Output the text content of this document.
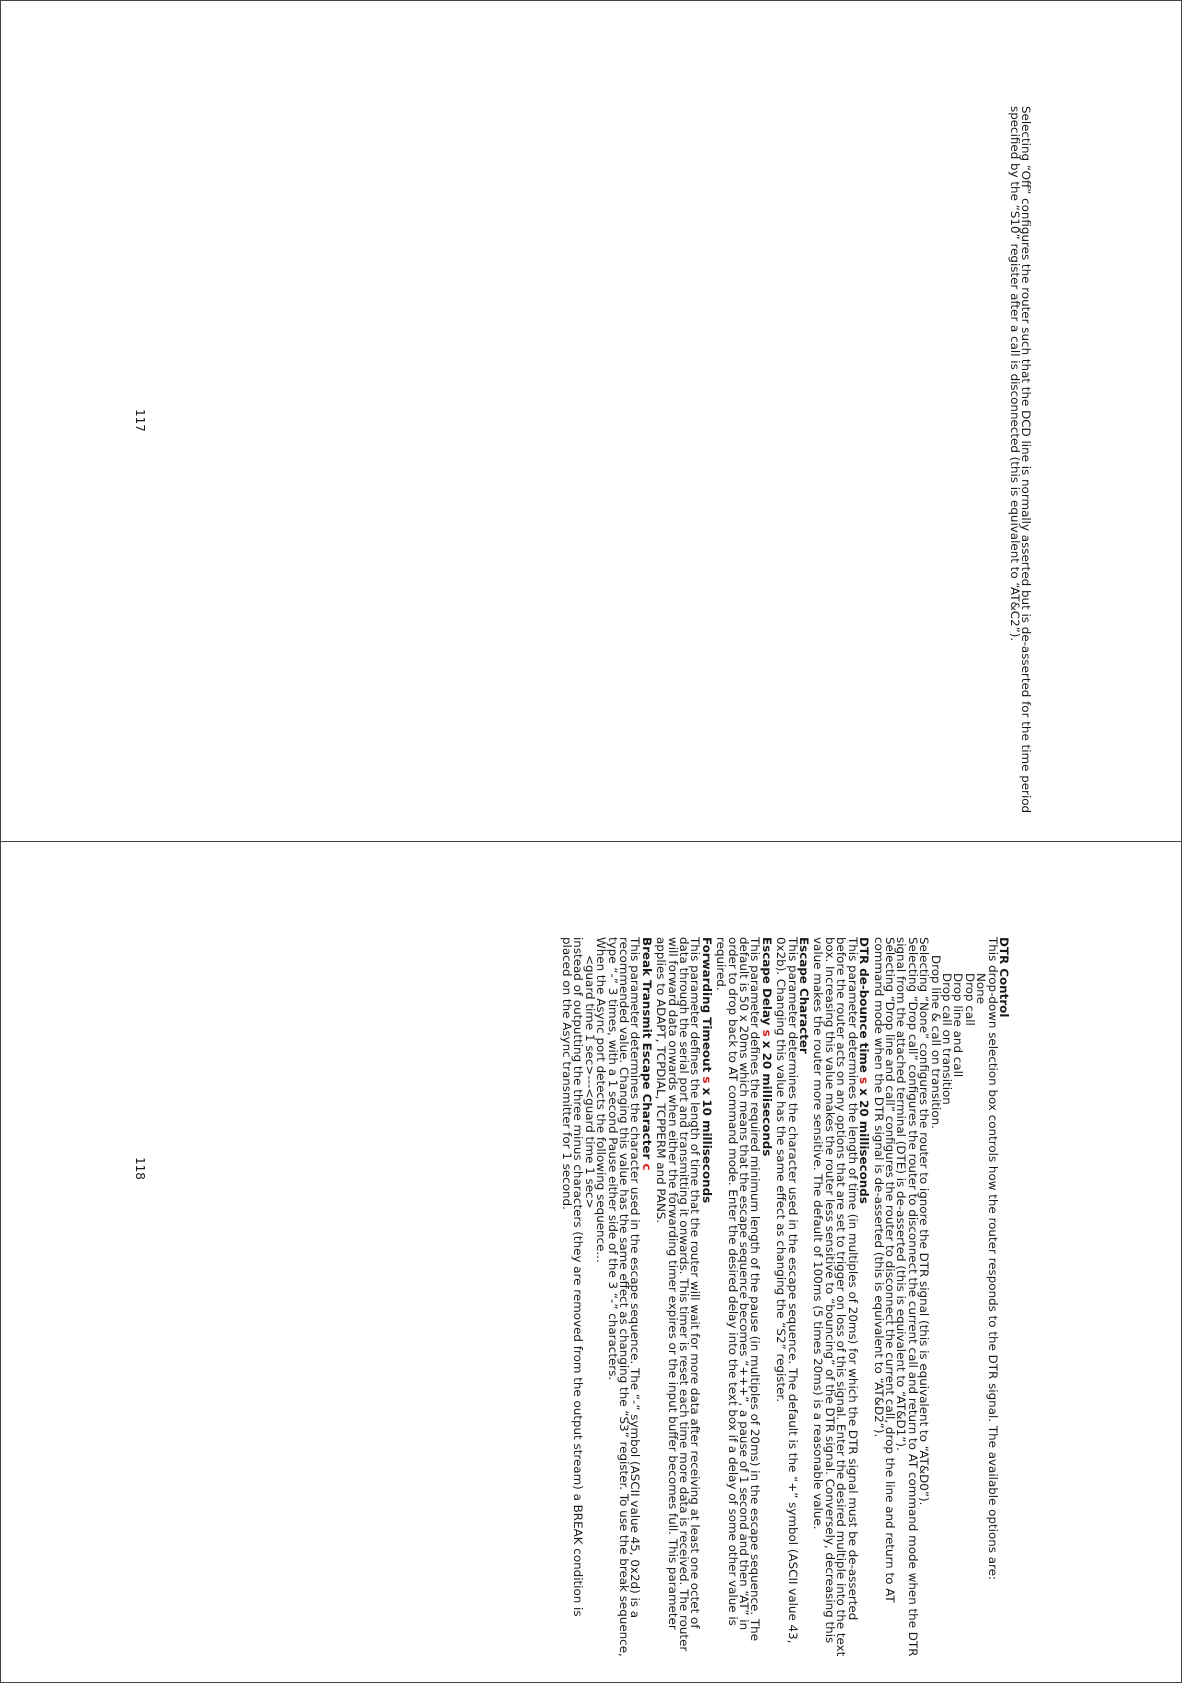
Selecting “Off” configures the router such that the DCD line is normally asserted but is de-asserted for the time period specified by the “S10” register after a call is disconnected (this is equivalent to “AT&C2”).

117

DTR Control

This drop-down selection box controls how the router responds to the DTR signal. The available options are:

None

Drop call

Drop line and call

Drop call on transition

Drop line & call on transition.

Selecting “None” configures the router to ignore the DTR signal (this is equivalent to “AT&D0”).

Selecting “Drop call” configures the router to disconnect the current call and return to AT command mode when the DTR signal from the attached terminal (DTE) is de-asserted (this is equivalent to “AT&D1”).

Selecting “Drop line and call” configures the router to disconnect the current call, drop the line and return to AT command mode when the DTR signal is de-asserted (this is equivalent to “AT&D2”).

DTR de-bounce time s x 20 milliseconds

This parameter determines the length of time (in multiples of 20ms) for which the DTR signal must be de-asserted before the router acts on any options that are set to trigger on loss of this signal. Enter the desired multiple into the text box. Increasing this value makes the router less sensitive to “bouncing” of the DTR signal. Conversely, decreasing this value makes the router more sensitive. The default of 100ms (5 times 20ms) is a reasonable value.

Escape Character

This parameter determines the character used in the escape sequence. The default is the “+” symbol (ASCII value 43, 0x2b). Changing this value has the same effect as changing the “S2” register.

Escape Delay s x 20 milliseconds

This parameter defines the required minimum length of the pause (in multiples of 20ms) in the escape sequence. The default is 50 x 20ms which means that the escape sequence becomes “+++”, a pause of 1 second and then “AT” in order to drop back to AT command mode. Enter the desired delay into the text box if a delay of some other value is required.

Forwarding Timeout s x 10 milliseconds

This parameter defines the length of time that the router will wait for more data after receiving at least one octet of data through the serial port and transmitting it onwards. This timer is reset each time more data is received. The router will forward data onwards when either the forwarding timer expires or the input buffer becomes full. This parameter applies to ADAPT, TCPDIAL, TCPPERM and PANS.

Break Transmit Escape Character c

This parameter determines the character used in the escape sequence. The “-” symbol (ASCII value 45, 0x2d) is a recommended value. Changing this value has the same effect as changing the “S3” register. To use the break sequence, type “-” 3 times, with a 1 second Pause either side of the 3 “-” characters.

When the Async port detects the following sequence...

<guard time 1 sec>---<guard time 1 sec>

instead of outputting the three minus characters (they are removed from the output stream) a BREAK condition is placed on the Async transmitter for 1 second.

118
